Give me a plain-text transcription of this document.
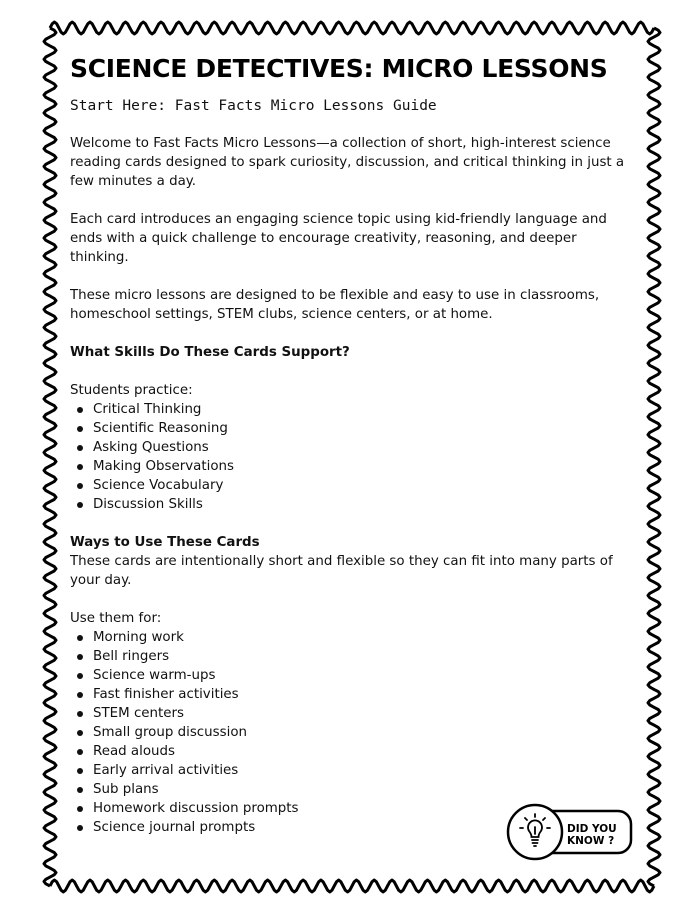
SCIENCE DETECTIVES: MICRO LESSONS

Start Here: Fast Facts Micro Lessons Guide

Welcome to Fast Facts Micro Lessons—a collection of short, high-interest science reading cards designed to spark curiosity, discussion, and critical thinking in just a few minutes a day.

Each card introduces an engaging science topic using kid-friendly language and ends with a quick challenge to encourage creativity, reasoning, and deeper thinking.

These micro lessons are designed to be flexible and easy to use in classrooms, homeschool settings, STEM clubs, science centers, or at home.

What Skills Do These Cards Support?

Students practice:

Critical Thinking
Scientific Reasoning
Asking Questions
Making Observations
Science Vocabulary
Discussion Skills

Ways to Use These Cards

These cards are intentionally short and flexible so they can fit into many parts of your day.

Use them for:

Morning work
Bell ringers
Science warm-ups
Fast finisher activities
STEM centers
Small group discussion
Read alouds
Early arrival activities
Sub plans
Homework discussion prompts
Science journal prompts	DID YOU
KNOW ?
